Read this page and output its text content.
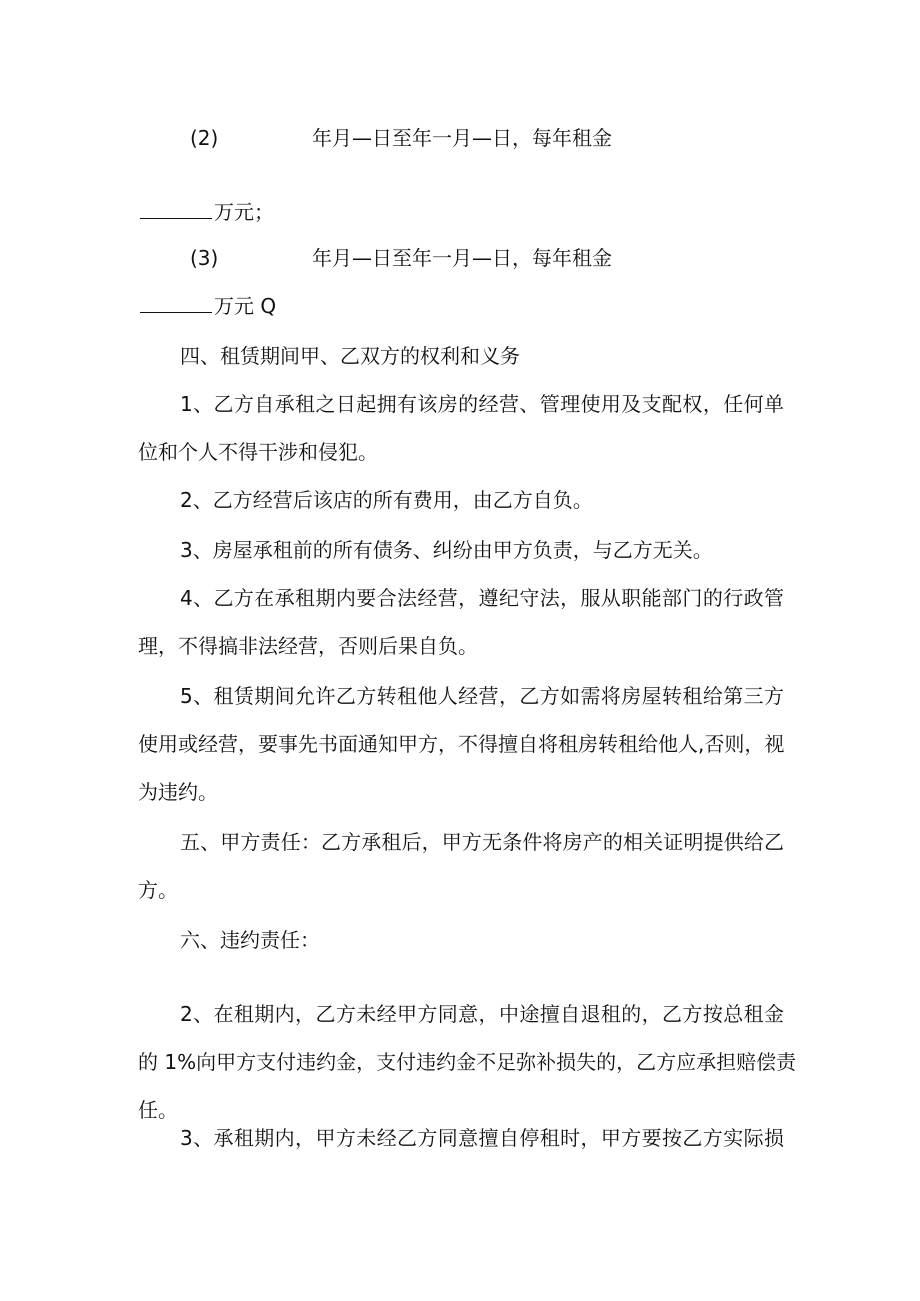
(2)	年月—日至年一月—日，每年租金
万元；
(3)	年月—日至年一月—日，每年租金
万元 Q
四、租赁期间甲、乙双方的权利和义务
1、乙方自承租之日起拥有该房的经营、管理使用及支配权，任何单
位和个人不得干涉和侵犯。
2、乙方经营后该店的所有费用，由乙方自负。
3、房屋承租前的所有债务、纠纷由甲方负责，与乙方无关。
4、乙方在承租期内要合法经营，遵纪守法，服从职能部门的行政管
理，不得搞非法经营，否则后果自负。
5、租赁期间允许乙方转租他人经营，乙方如需将房屋转租给第三方
使用或经营，要事先书面通知甲方，不得擅自将租房转租给他人,否则，视
为违约。
五、甲方责任：乙方承租后，甲方无条件将房产的相关证明提供给乙
方。
六、违约责任：
2、在租期内，乙方未经甲方同意，中途擅自退租的，乙方按总租金
的 1%向甲方支付违约金，支付违约金不足弥补损失的，乙方应承担赔偿责
任。
3、承租期内，甲方未经乙方同意擅自停租时，甲方要按乙方实际损
